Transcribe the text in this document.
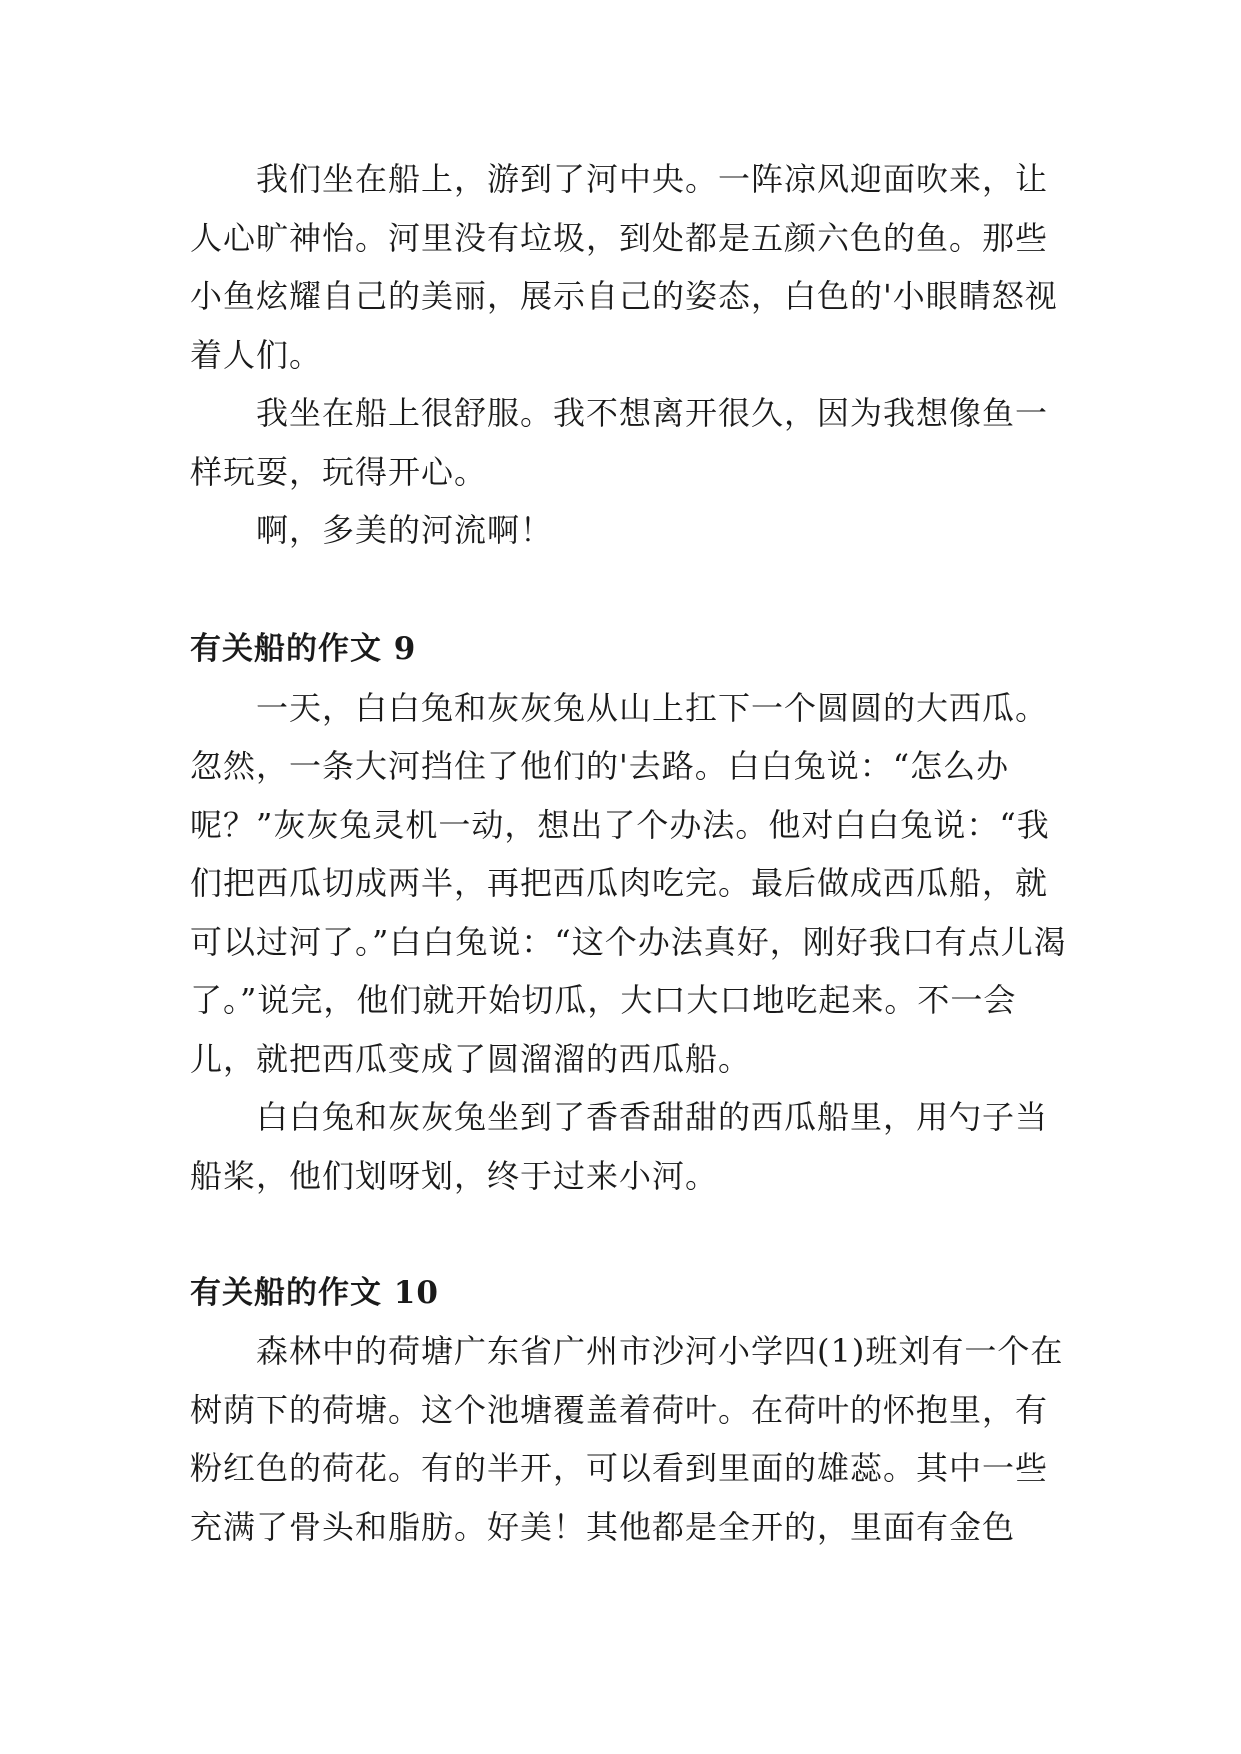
我们坐在船上，游到了河中央。一阵凉风迎面吹来，让人心旷神怡。河里没有垃圾，到处都是五颜六色的鱼。那些小鱼炫耀自己的美丽，展示自己的姿态，白色的'小眼睛怒视着人们。

我坐在船上很舒服。我不想离开很久，因为我想像鱼一样玩耍，玩得开心。

啊，多美的河流啊！

有关船的作文 9

一天，白白兔和灰灰兔从山上扛下一个圆圆的大西瓜。忽然，一条大河挡住了他们的'去路。白白兔说：“怎么办呢？”灰灰兔灵机一动，想出了个办法。他对白白兔说：“我们把西瓜切成两半，再把西瓜肉吃完。最后做成西瓜船，就可以过河了。”白白兔说：“这个办法真好，刚好我口有点儿渴了。”说完，他们就开始切瓜，大口大口地吃起来。不一会儿，就把西瓜变成了圆溜溜的西瓜船。

白白兔和灰灰兔坐到了香香甜甜的西瓜船里，用勺子当船桨，他们划呀划，终于过来小河。

有关船的作文 10

森林中的荷塘广东省广州市沙河小学四(1)班刘有一个在树荫下的荷塘。这个池塘覆盖着荷叶。在荷叶的怀抱里，有粉红色的荷花。有的半开，可以看到里面的雄蕊。其中一些充满了骨头和脂肪。好美！其他都是全开的，里面有金色
